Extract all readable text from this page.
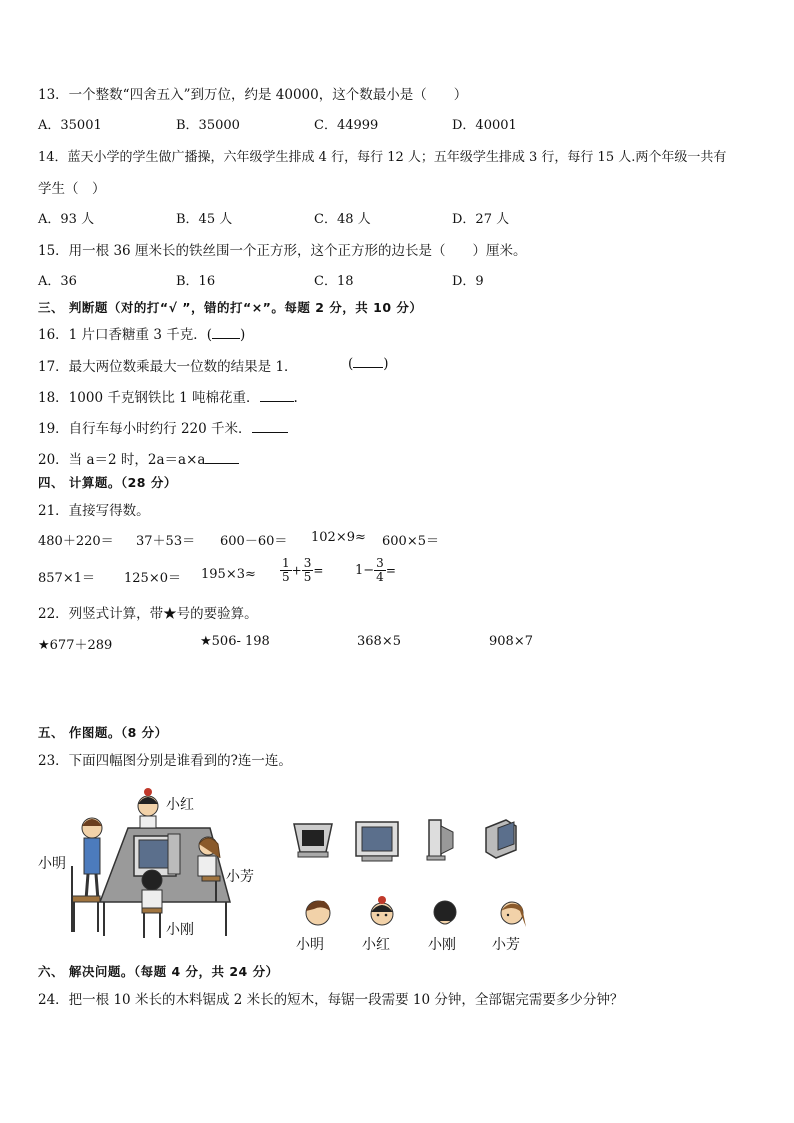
13．一个整数“四舍五入”到万位，约是 40000，这个数最小是（　　）
A．35001	B．35000	C．44999	D．40001
14．蓝天小学的学生做广播操，六年级学生排成 4 行，每行 12 人；五年级学生排成 3 行，每行 15 人.两个年级一共有
学生（　）
A．93 人	B．45 人	C．48 人	D．27 人
15．用一根 36 厘米长的铁丝围一个正方形，这个正方形的边长是（　　）厘米。
A．36	B．16	C．18	D．9
三、 判断题（对的打“√ ”，错的打“×”。每题 2 分，共 10 分）
16．1 片口香糖重 3 千克．( )
17．最大两位数乘最大一位数的结果是 1．	( )
18．1000 千克钢铁比 1 吨棉花重．	.
19．自行车每小时约行 220 千米．
20．当 a＝2 时，2a＝a×a
四、 计算题。（28 分）
21．直接写得数。
480＋220＝ 37＋53＝ 600－60＝ 102×9≈ 600×5＝
$857\times 1= 125\times 0= 195\times 3\approx \frac{1}{5} + \frac{3}{5} = 1- \frac{3}{4}$ =
22．列竖式计算，带★号的要验算。
★677＋289	★506- 198	368×5	908×7
五、 作图题。（8 分）
23．下面四幅图分别是谁看到的?连一连。
小红
小明
小芳
小刚
小明	小红	小刚	小芳
六、 解决问题。（每题 4 分，共 24 分）
24．把一根 10 米长的木料锯成 2 米长的短木，每锯一段需要 10 分钟，全部锯完需要多少分钟？
